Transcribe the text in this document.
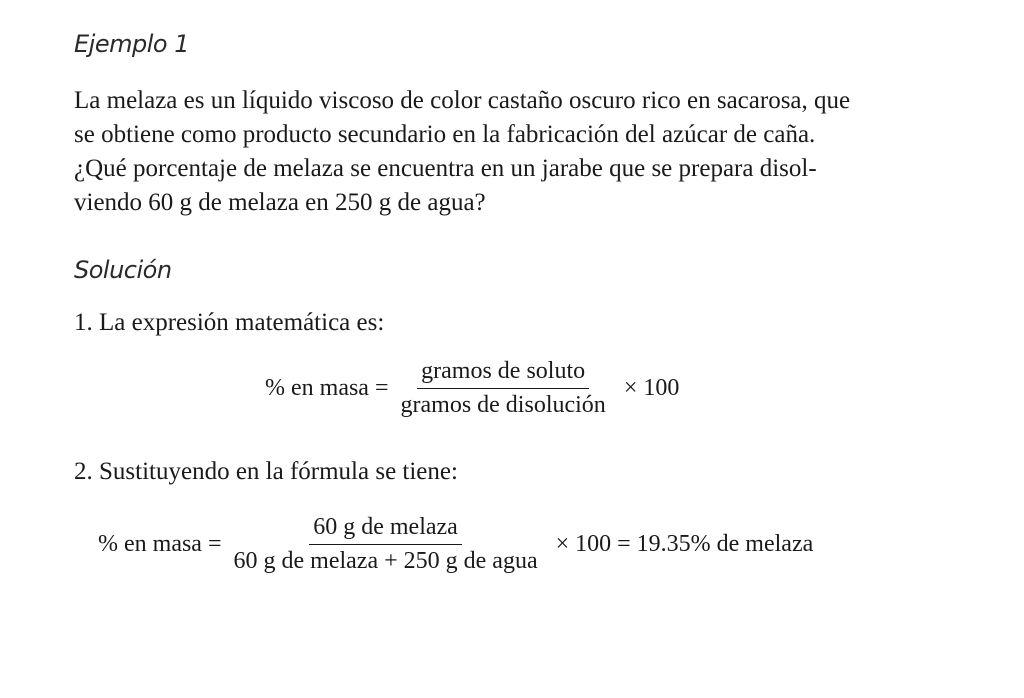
Ejemplo 1
La melaza es un líquido viscoso de color castaño oscuro rico en sacarosa, que
se obtiene como producto secundario en la fabricación del azúcar de caña.
¿Qué porcentaje de melaza se encuentra en un jarabe que se prepara disol-
viendo 60 g de melaza en 250 g de agua?
Solución
1. La expresión matemática es:
% en masa = $\frac{\text{gramos de soluto}}{\text{gramos de disolución}} \times 100$
2. Sustituyendo en la fórmula se tiene:
% en masa = $\frac{\text{60 g de melaza}}{\text{60 g de melaza + 250 g de agua}} \times 100 = 19.35\%$ de melaza
